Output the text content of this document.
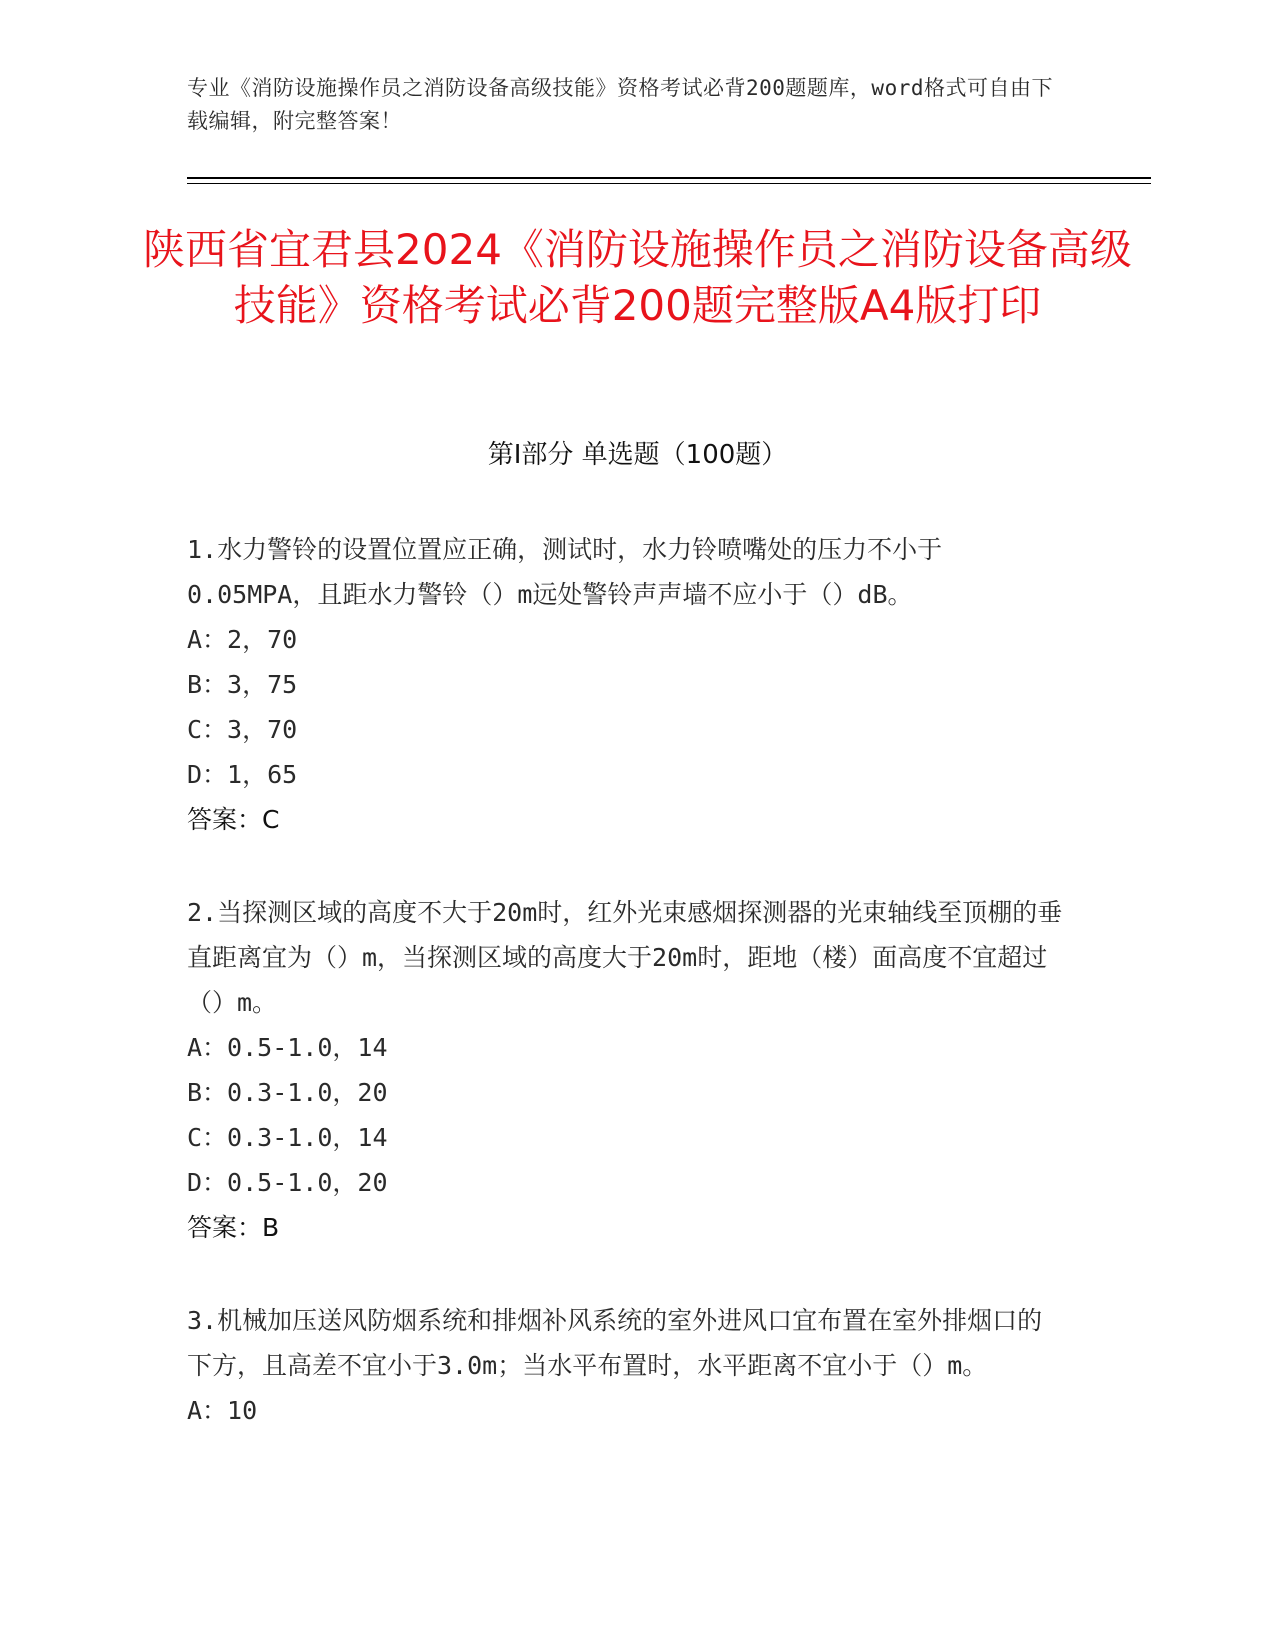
专业《消防设施操作员之消防设备高级技能》资格考试必背200题题库，word格式可自由下载编辑，附完整答案！
陕西省宜君县2024《消防设施操作员之消防设备高级技能》资格考试必背200题完整版A4版打印
第I部分 单选题（100题）

1.水力警铃的设置位置应正确，测试时，水力铃喷嘴处的压力不小于0.05MPA，且距水力警铃（）m远处警铃声声墙不应小于（）dB。

A：2，70

B：3，75

C：3，70

D：1，65

答案：C

2.当探测区域的高度不大于20m时，红外光束感烟探测器的光束轴线至顶棚的垂直距离宜为（）m，当探测区域的高度大于20m时，距地（楼）面高度不宜超过（）m。

A：0.5-1.0，14

B：0.3-1.0，20

C：0.3-1.0，14

D：0.5-1.0，20

答案：B

3.机械加压送风防烟系统和排烟补风系统的室外进风口宜布置在室外排烟口的下方，且高差不宜小于3.0m；当水平布置时，水平距离不宜小于（）m。

A：10
